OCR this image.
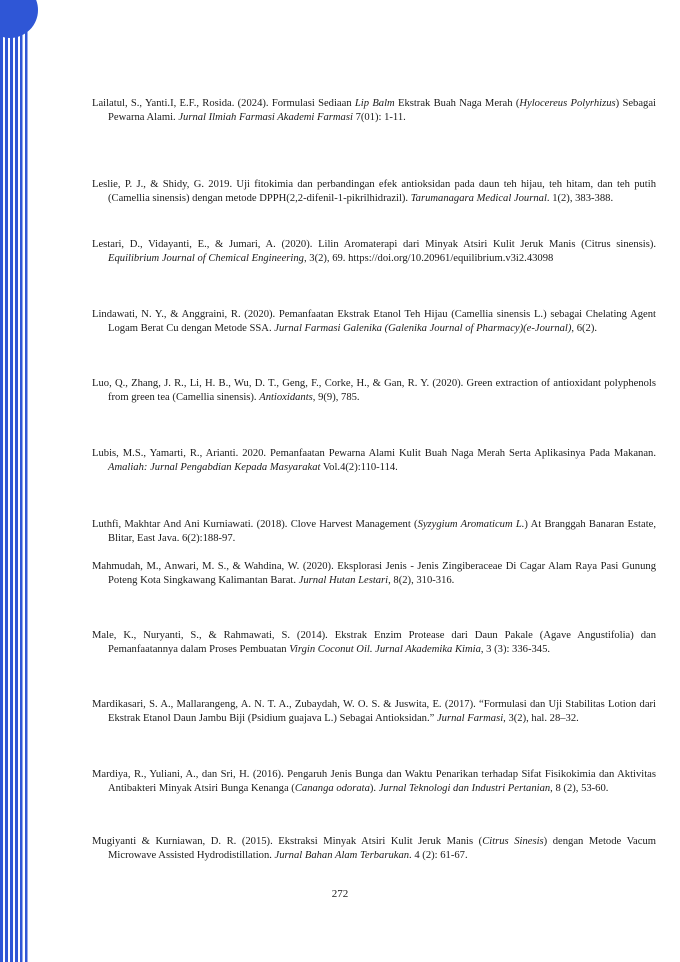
Lailatul, S., Yanti.I, E.F., Rosida. (2024). Formulasi Sediaan Lip Balm Ekstrak Buah Naga Merah (Hylocereus Polyrhizus) Sebagai Pewarna Alami. Jurnal Ilmiah Farmasi Akademi Farmasi 7(01): 1-11.

Leslie, P. J., & Shidy, G. 2019. Uji fitokimia dan perbandingan efek antioksidan pada daun teh hijau, teh hitam, dan teh putih (Camellia sinensis) dengan metode DPPH(2,2-difenil-1-pikrilhidrazil). Tarumanagara Medical Journal. 1(2), 383-388.

Lestari, D., Vidayanti, E., & Jumari, A. (2020). Lilin Aromaterapi dari Minyak Atsiri Kulit Jeruk Manis (Citrus sinensis). Equilibrium Journal of Chemical Engineering, 3(2), 69. https://doi.org/10.20961/equilibrium.v3i2.43098

Lindawati, N. Y., & Anggraini, R. (2020). Pemanfaatan Ekstrak Etanol Teh Hijau (Camellia sinensis L.) sebagai Chelating Agent Logam Berat Cu dengan Metode SSA. Jurnal Farmasi Galenika (Galenika Journal of Pharmacy)(e-Journal), 6(2).

Luo, Q., Zhang, J. R., Li, H. B., Wu, D. T., Geng, F., Corke, H., & Gan, R. Y. (2020). Green extraction of antioxidant polyphenols from green tea (Camellia sinensis). Antioxidants, 9(9), 785.

Lubis, M.S., Yamarti, R., Arianti. 2020. Pemanfaatan Pewarna Alami Kulit Buah Naga Merah Serta Aplikasinya Pada Makanan. Amaliah: Jurnal Pengabdian Kepada Masyarakat Vol.4(2):110-114.

Luthfi, Makhtar And Ani Kurniawati. (2018). Clove Harvest Management (Syzygium Aromaticum L.) At Branggah Banaran Estate, Blitar, East Java. 6(2):188-97.

Mahmudah, M., Anwari, M. S., & Wahdina, W. (2020). Eksplorasi Jenis - Jenis Zingiberaceae Di Cagar Alam Raya Pasi Gunung Poteng Kota Singkawang Kalimantan Barat. Jurnal Hutan Lestari, 8(2), 310-316.

Male, K., Nuryanti, S., & Rahmawati, S. (2014). Ekstrak Enzim Protease dari Daun Pakale (Agave Angustifolia) dan Pemanfaatannya dalam Proses Pembuatan Virgin Coconut Oil. Jurnal Akademika Kimia, 3 (3): 336-345.

Mardikasari, S. A., Mallarangeng, A. N. T. A., Zubaydah, W. O. S. & Juswita, E. (2017). “Formulasi dan Uji Stabilitas Lotion dari Ekstrak Etanol Daun Jambu Biji (Psidium guajava L.) Sebagai Antioksidan.” Jurnal Farmasi, 3(2), hal. 28–32.

Mardiya, R., Yuliani, A., dan Sri, H. (2016). Pengaruh Jenis Bunga dan Waktu Penarikan terhadap Sifat Fisikokimia dan Aktivitas Antibakteri Minyak Atsiri Bunga Kenanga (Cananga odorata). Jurnal Teknologi dan Industri Pertanian, 8 (2), 53-60.

Mugiyanti & Kurniawan, D. R. (2015). Ekstraksi Minyak Atsiri Kulit Jeruk Manis (Citrus Sinesis) dengan Metode Vacum Microwave Assisted Hydrodistillation. Jurnal Bahan Alam Terbarukan. 4 (2): 61-67.

272
